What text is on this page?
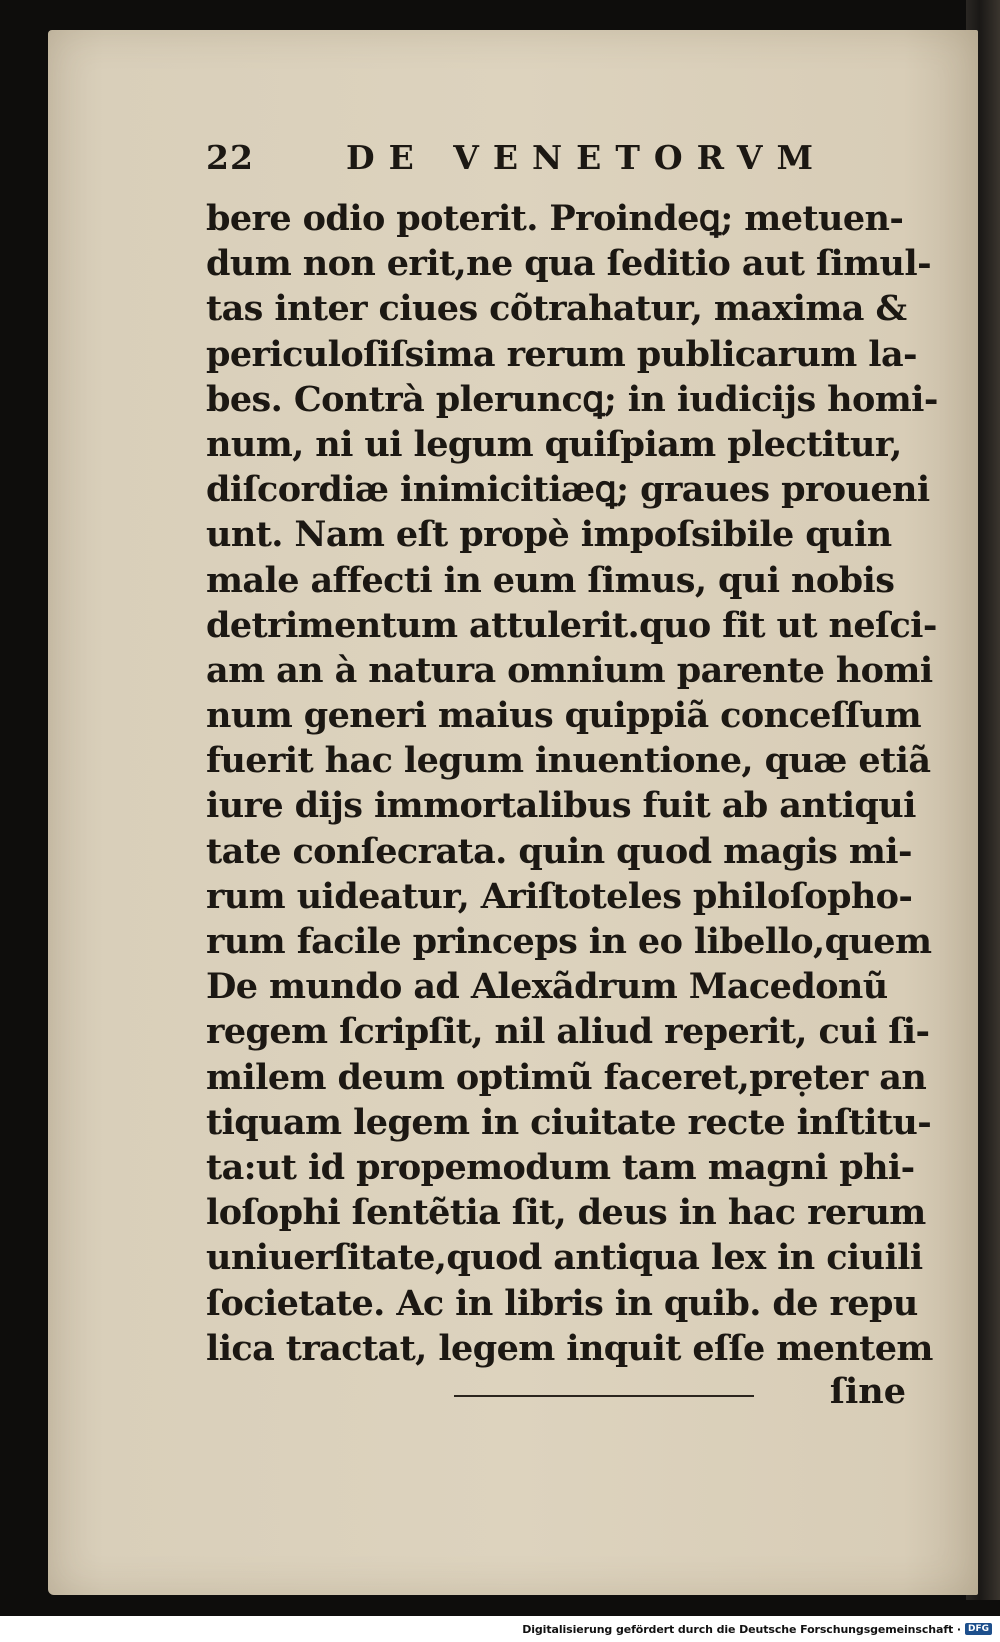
22	DE VENETORVM
bere odio poterit. Proindeꝗ; metuen-
dum non erit,ne qua ſeditio aut ſimul-
tas inter ciues cõtrahatur, maxima &
periculoſiſsima rerum publicarum la-
bes. Contrà pleruncꝗ; in iudicijs homi-
num, ni ui legum quiſpiam plectitur,
diſcordiæ inimicitiæꝗ; graues proueni
unt. Nam eſt propè impoſsibile quin
male affecti in eum ſimus, qui nobis
detrimentum attulerit.quo fit ut neſci-
am an à natura omnium parente homi
num generi maius quippiã conceſſum
fuerit hac legum inuentione, quæ etiã
iure dijs immortalibus fuit ab antiqui
tate conſecrata. quin quod magis mi-
rum uideatur, Ariſtoteles philoſopho-
rum facile princeps in eo libello,quem
De mundo ad Alexãdrum Macedonũ
regem ſcripſit, nil aliud reperit, cui ſi-
milem deum optimũ faceret,prẹter an
tiquam legem in ciuitate recte inſtitu-
ta:ut id propemodum tam magni phi-
loſophi ſentẽtia ſit, deus in hac rerum
uniuerſitate,quod antiqua lex in ciuili
ſocietate. Ac in libris in quib. de repu
lica tractat, legem inquit eſſe mentem
ſine
Digitalisierung gefördert durch die Deutsche Forschungsgemeinschaft · DFG
